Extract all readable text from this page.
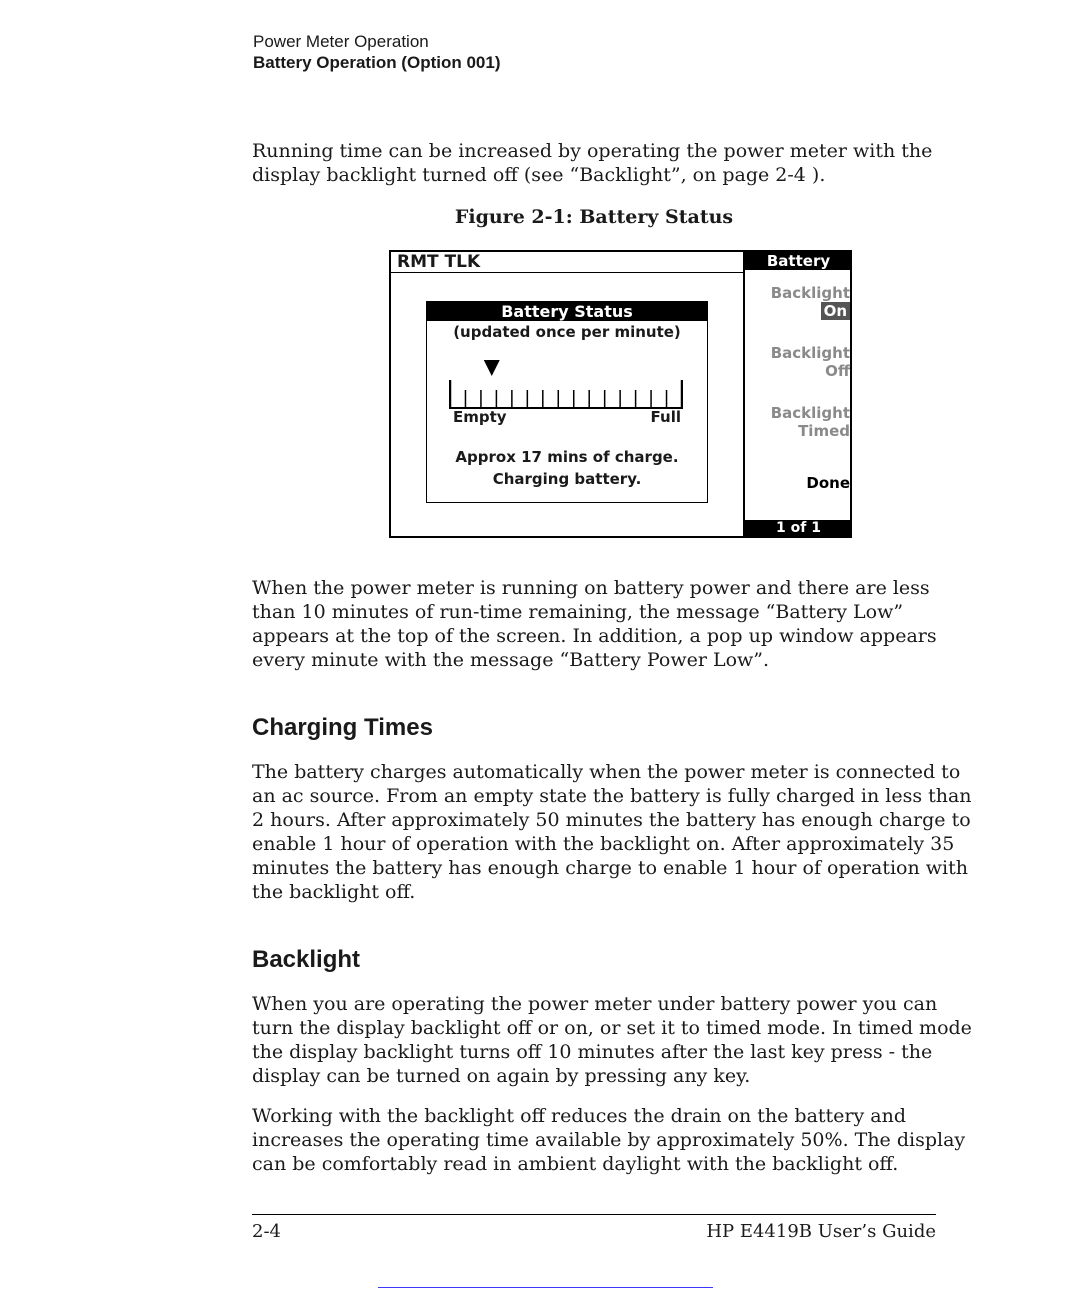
Power Meter Operation
Battery Operation (Option 001)

Running time can be increased by operating the power meter with the
display backlight turned off (see “Backlight”, on page 2-4 ).

Figure 2-1: Battery Status
RMT TLK
Battery Status
(updated once per minute)
Empty	Full
Approx 17 mins of charge.
Charging battery.
Battery
Backlight
On
Backlight
Off
Backlight
Timed
Done
1 of 1

When the power meter is running on battery power and there are less
than 10 minutes of run-time remaining, the message “Battery Low”
appears at the top of the screen. In addition, a pop up window appears
every minute with the message “Battery Power Low”.

Charging Times

The battery charges automatically when the power meter is connected to
an ac source. From an empty state the battery is fully charged in less than
2 hours. After approximately 50 minutes the battery has enough charge to
enable 1 hour of operation with the backlight on. After approximately 35
minutes the battery has enough charge to enable 1 hour of operation with
the backlight off.

Backlight

When you are operating the power meter under battery power you can
turn the display backlight off or on, or set it to timed mode. In timed mode
the display backlight turns off 10 minutes after the last key press - the
display can be turned on again by pressing any key.

Working with the backlight off reduces the drain on the battery and
increases the operating time available by approximately 50%. The display
can be comfortably read in ambient daylight with the backlight off.

2-4	HP E4419B User’s Guide
